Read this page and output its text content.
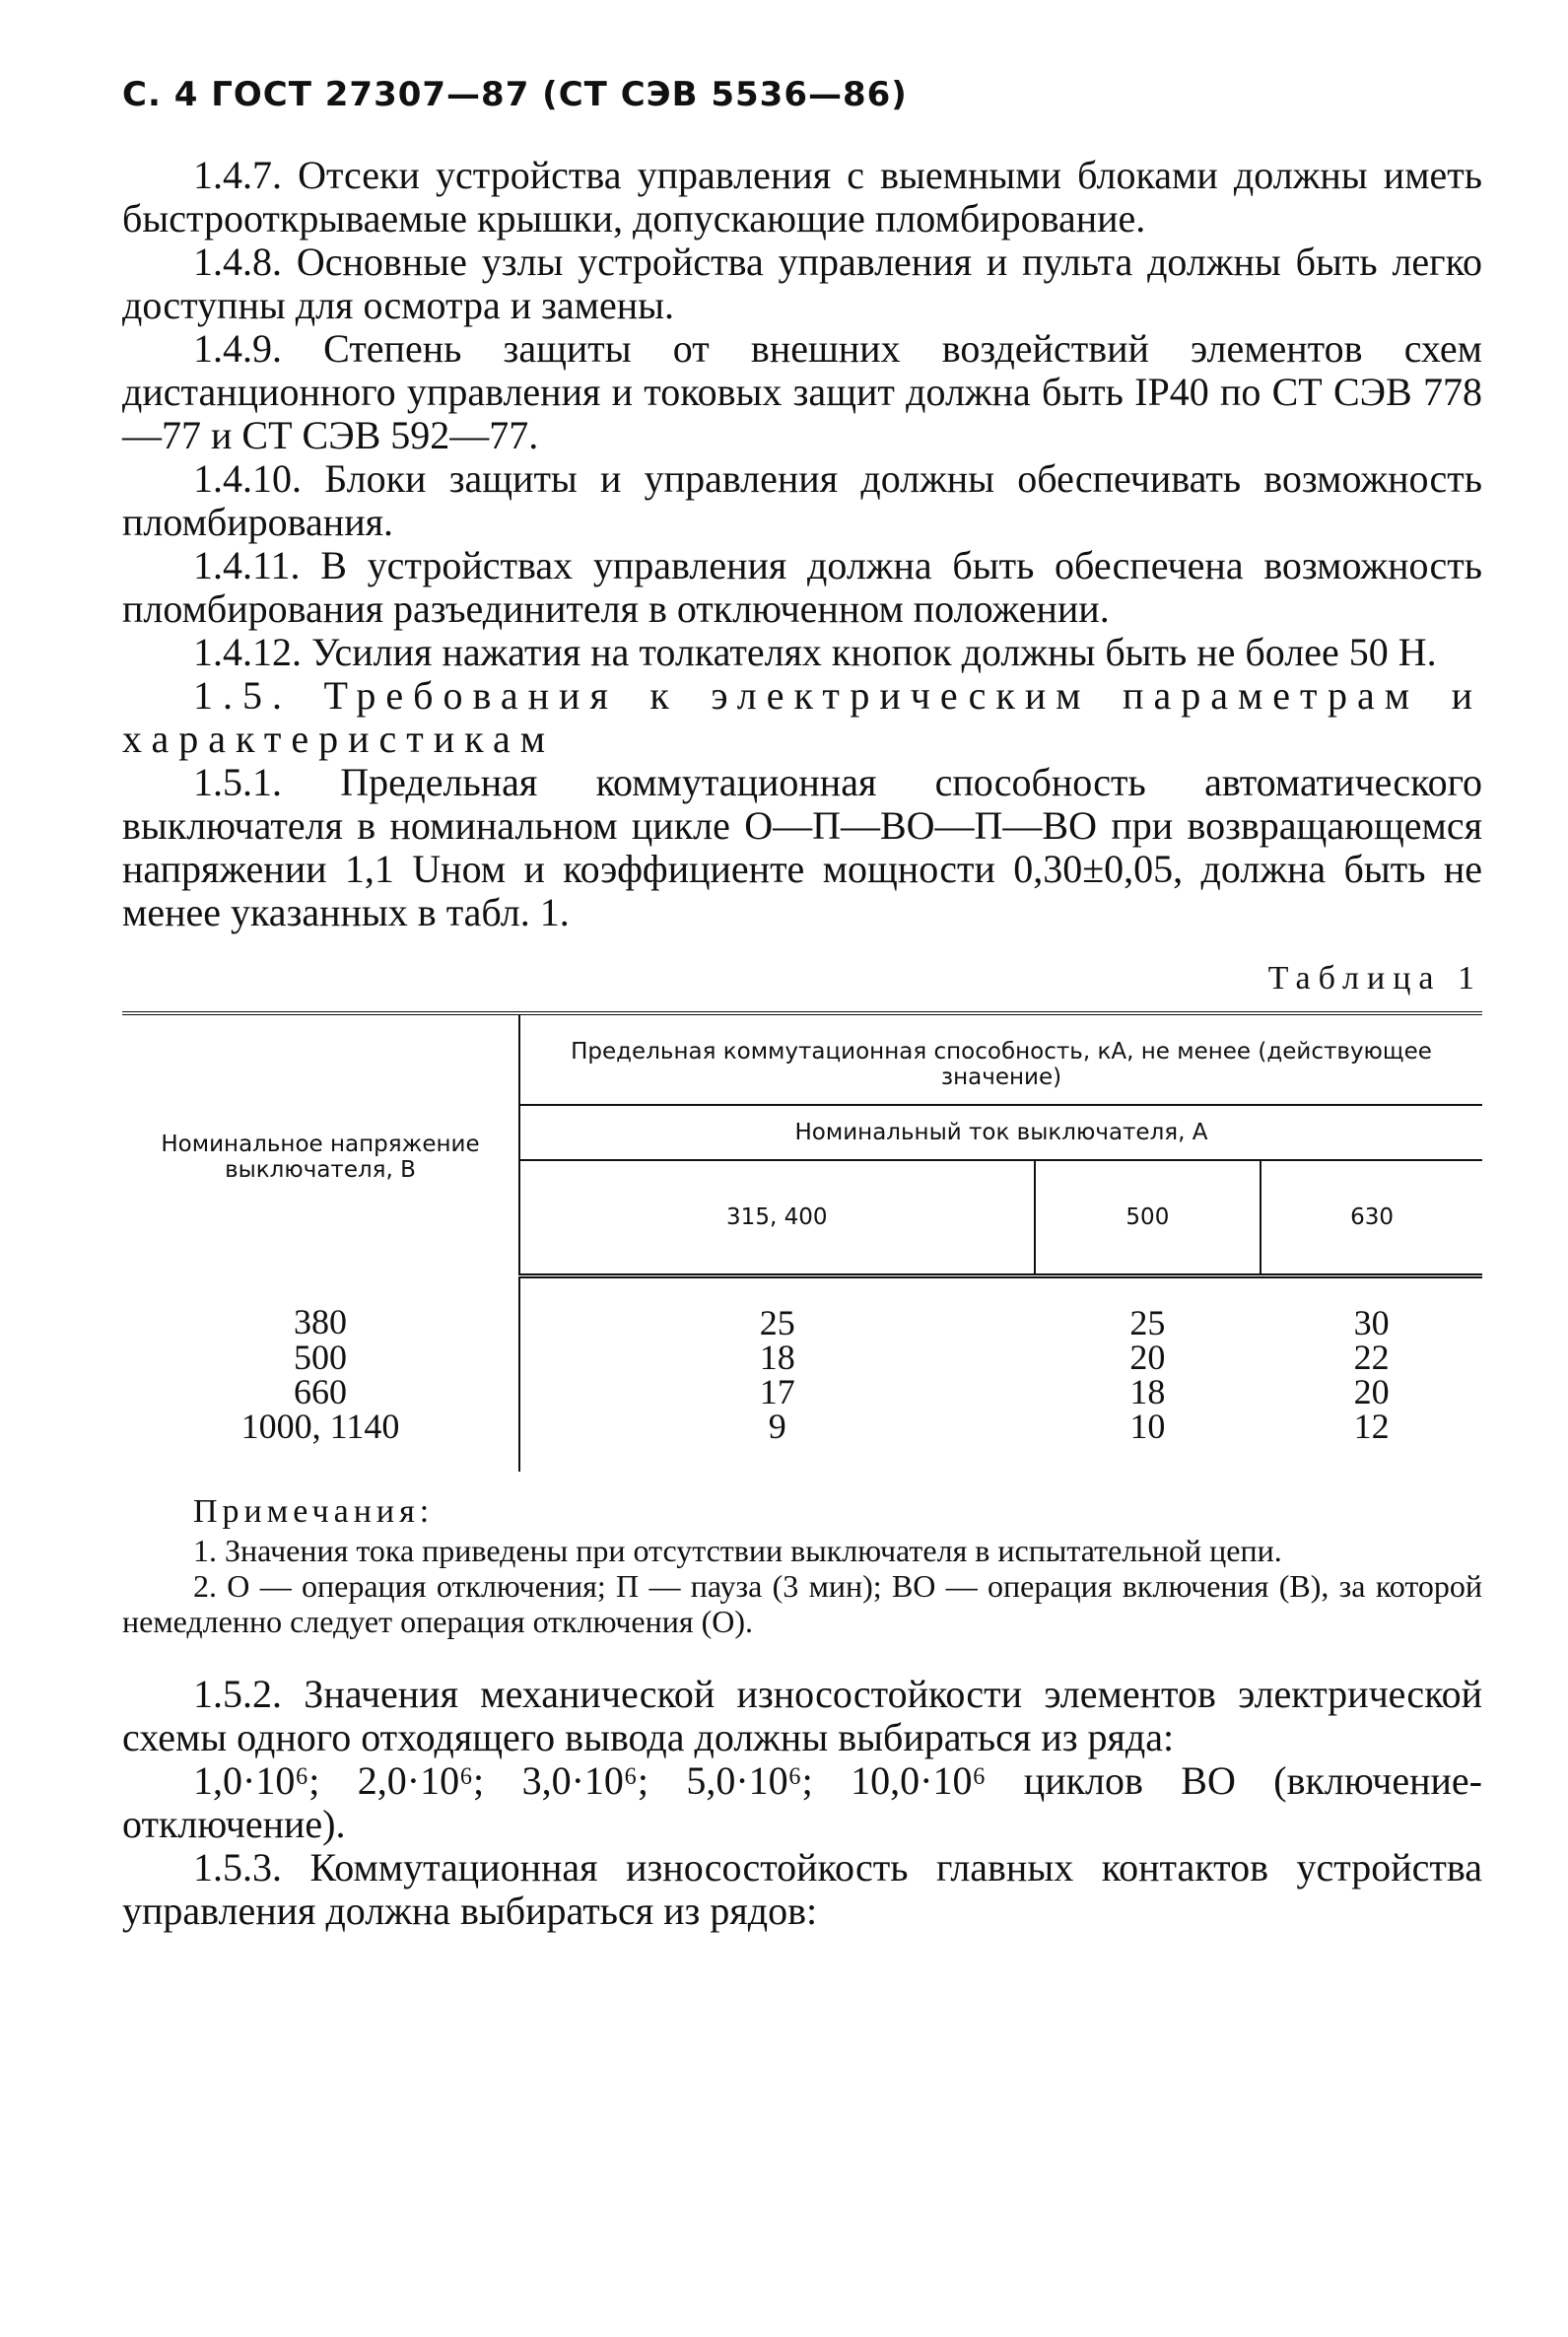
С. 4 ГОСТ 27307—87 (СТ СЭВ 5536—86)

1.4.7. Отсеки устройства управления с выемными блоками должны иметь быстрооткрываемые крышки, допускающие пломбирование.

1.4.8. Основные узлы устройства управления и пульта должны быть легко доступны для осмотра и замены.

1.4.9. Степень защиты от внешних воздействий элементов схем дистанционного управления и токовых защит должна быть IP40 по СТ СЭВ 778—77 и СТ СЭВ 592—77.

1.4.10. Блоки защиты и управления должны обеспечивать возможность пломбирования.

1.4.11. В устройствах управления должна быть обеспечена возможность пломбирования разъединителя в отключенном положении.

1.4.12. Усилия нажатия на толкателях кнопок должны быть не более 50 Н.

1.5. Требования к электрическим параметрам и характеристикам

1.5.1. Предельная коммутационная способность автоматического выключателя в номинальном цикле О—П—ВО—П—ВО при возвращающемся напряжении 1,1 Uном и коэффициенте мощности 0,30±0,05, должна быть не менее указанных в табл. 1.

Таблица 1
Номинальное напряжение выключателя, В	Предельная коммутационная способность, кА, не менее (действующее значение)		
	Номинальный ток выключателя, А		
	315, 400	500	630
380	25	25	30
500	18	20	22
660	17	18	20
1000, 1140	9	10	12
Примечания:

1. Значения тока приведены при отсутствии выключателя в испытательной цепи.

2. О — операция отключения; П — пауза (3 мин); ВО — операция включения (В), за которой немедленно следует операция отключения (О).

1.5.2. Значения механической износостойкости элементов электрической схемы одного отходящего вывода должны выбираться из ряда:

1,0·10⁶; 2,0·10⁶; 3,0·10⁶; 5,0·10⁶; 10,0·10⁶ циклов ВО (включение-отключение).

1.5.3. Коммутационная износостойкость главных контактов устройства управления должна выбираться из рядов:
